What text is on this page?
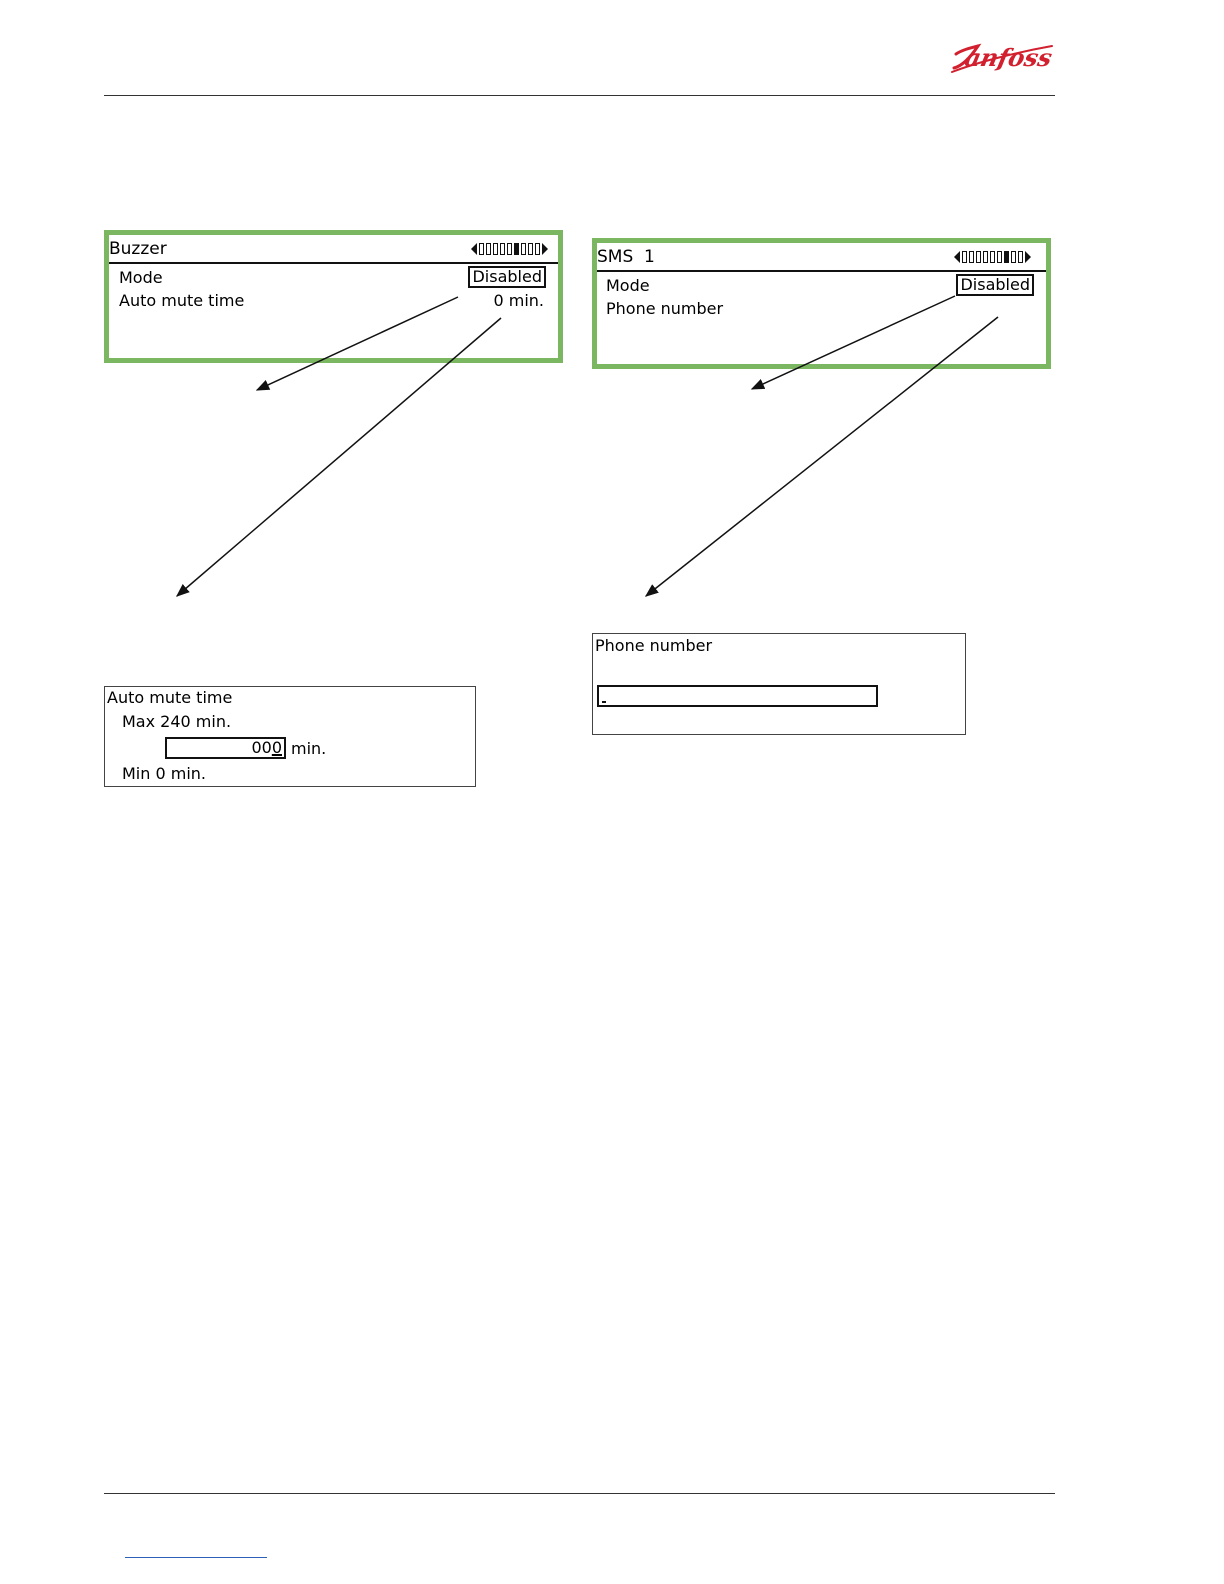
anfoss
Buzzer
Mode	Disabled
Auto mute time	0 min.
SMS  1
Mode	Disabled
Phone number
Auto mute time
Max 240 min.
000 min.
Min 0 min.
Phone number
